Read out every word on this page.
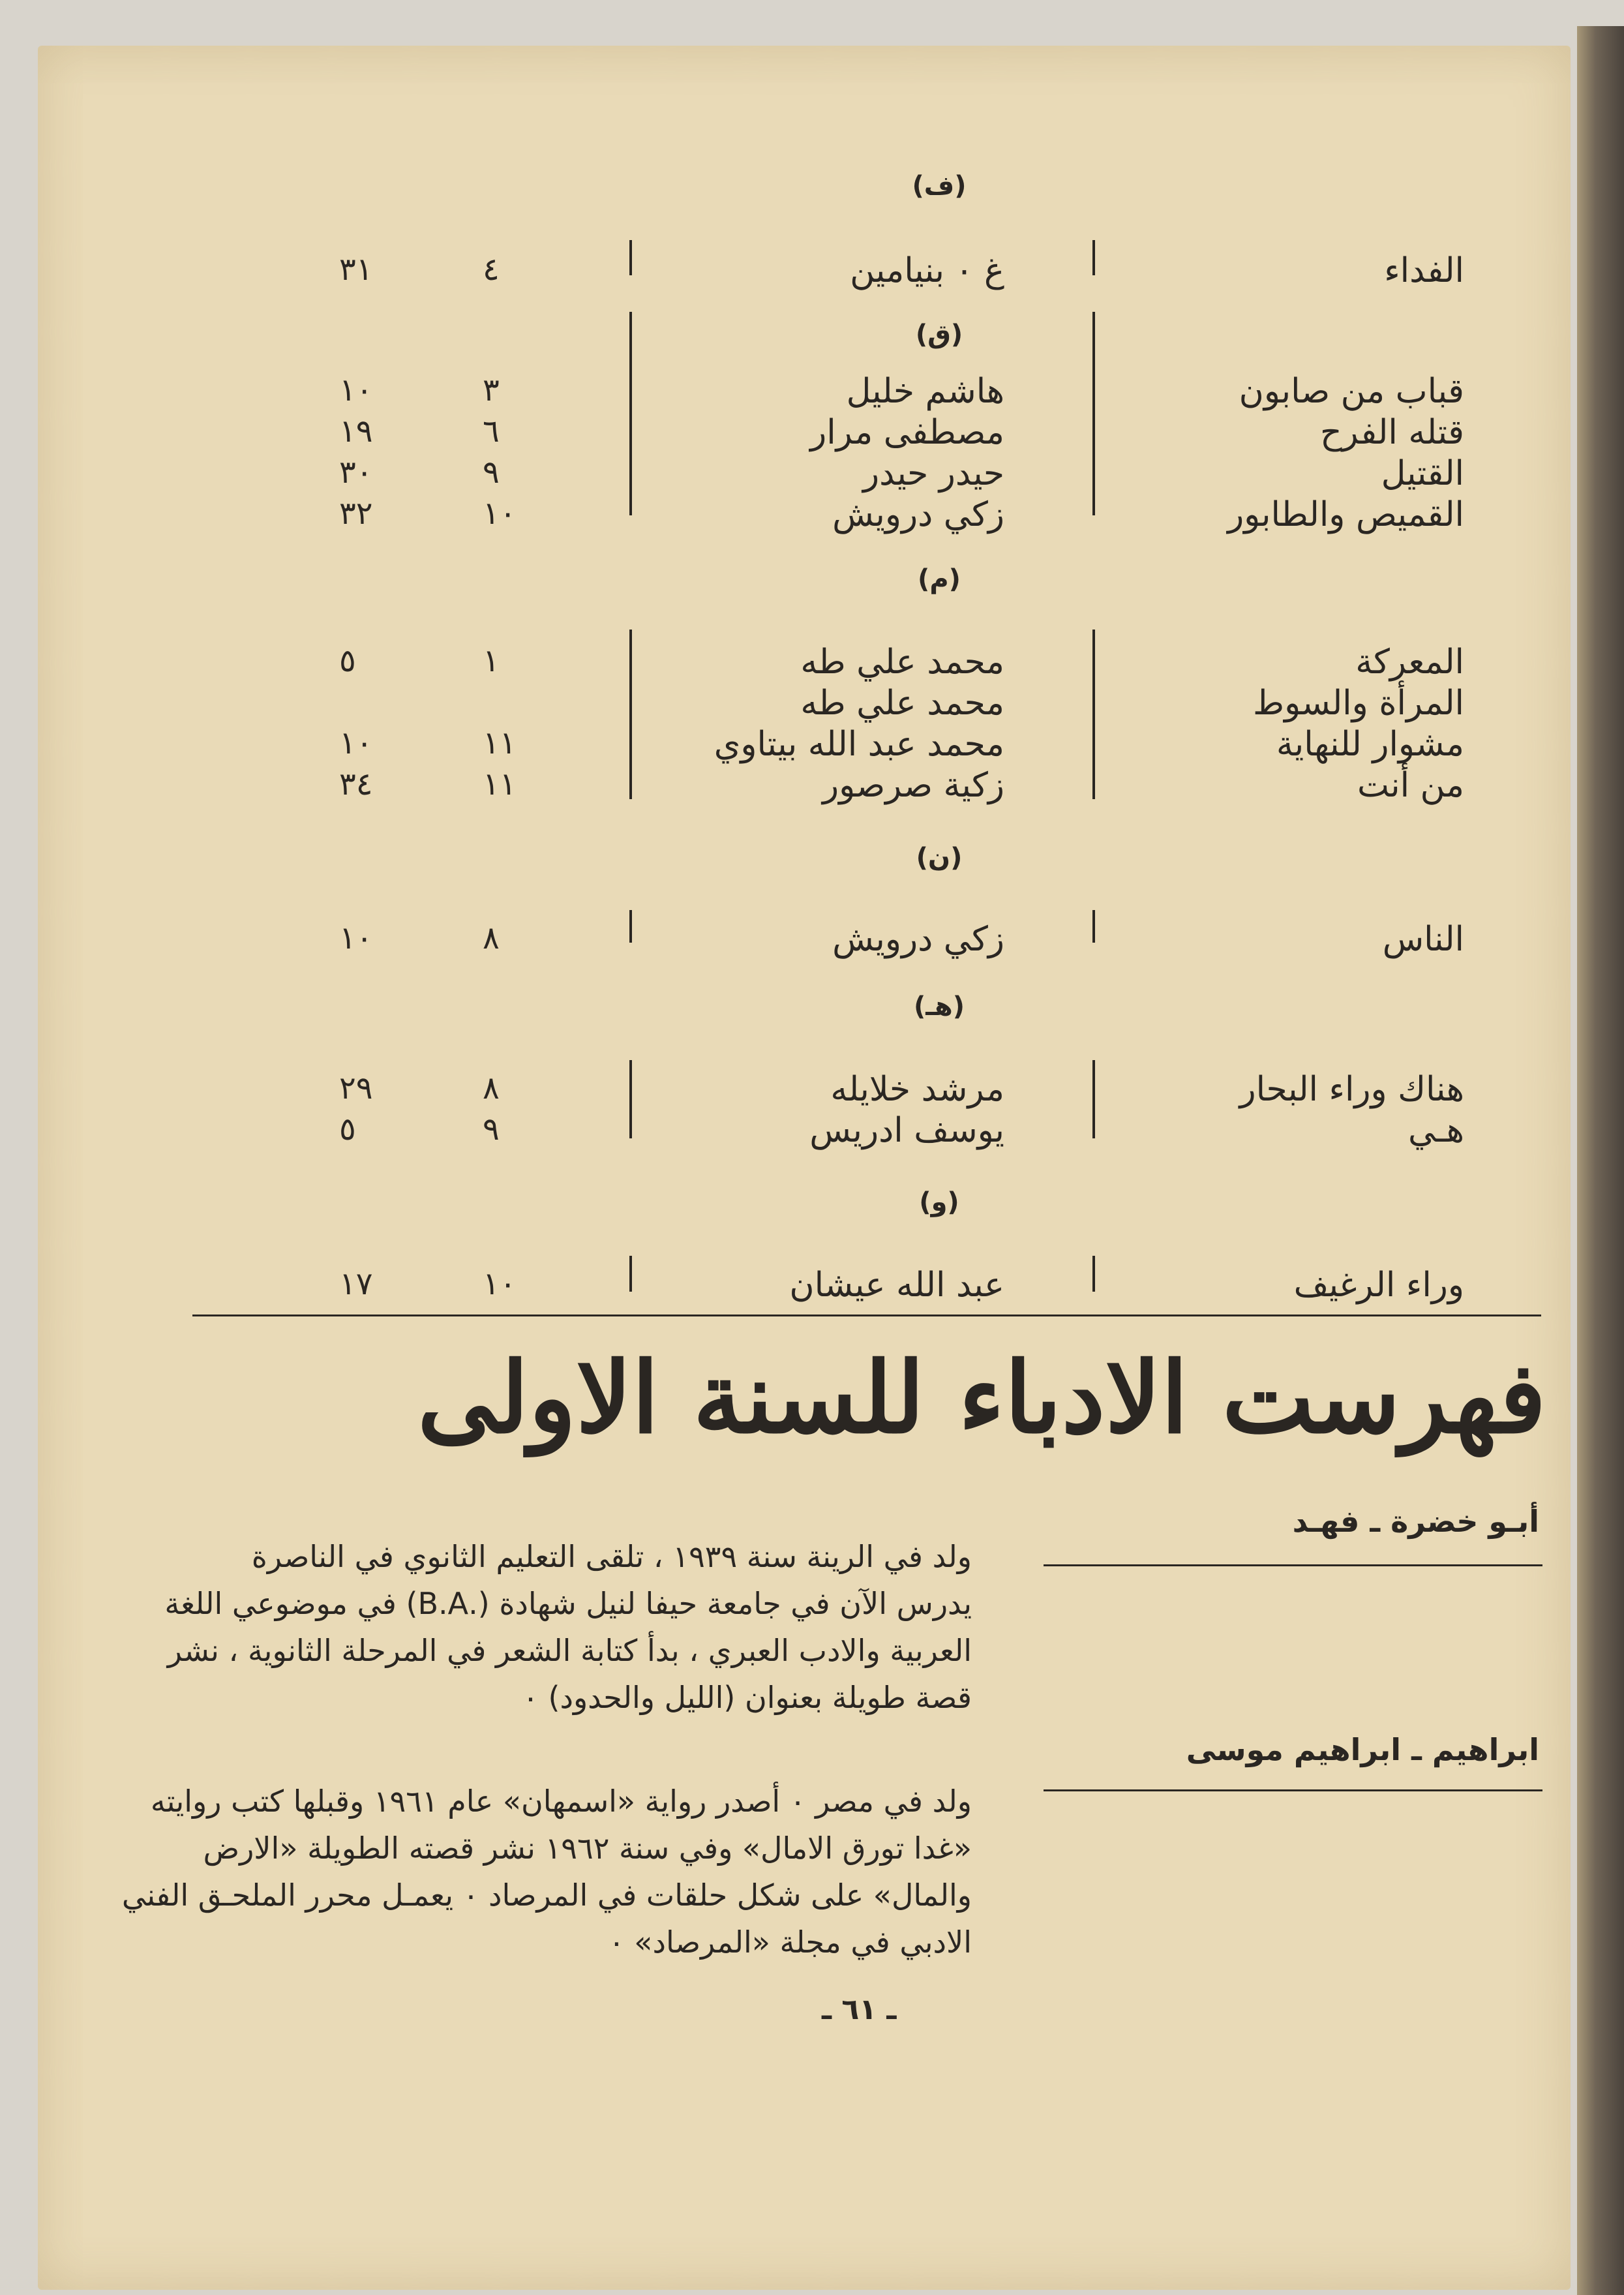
(ف)
الفداء
غ ٠ بنيامين
٤
٣١
(ق)
قباب من صابون
هاشم خليل
٣
١٠
قتله الفرح
مصطفى مرار
٦
١٩
القتيل
حيدر حيدر
٩
٣٠
القميص والطابور
زكي درويش
١٠
٣٢
(م)
المعركة
محمد علي طه
١
٥
المرأة والسوط
محمد علي طه
مشوار للنهاية
محمد عبد الله بيتاوي
١١
١٠
من أنت
زكية صرصور
١١
٣٤
(ن)
الناس
زكي درويش
٨
١٠
(هـ)
هناك وراء البحار
مرشد خلايله
٨
٢٩
هـي
يوسف ادريس
٩
٥
(و)
وراء الرغيف
عبد الله عيشان
١٠
١٧
فهرست الادباء للسنة الاولى
أبـو خضرة ـ فهـد
ولد في الرينة سنة ١٩٣٩ ، تلقى التعليم الثانوي في الناصرة
يدرس الآن في جامعة حيفا لنيل شهادة (.B.A) في موضوعي اللغة
العربية والادب العبري ، بدأ كتابة الشعر في المرحلة الثانوية ، نشر
قصة طويلة بعنوان (الليل والحدود) ٠
ابراهيم ـ ابراهيم موسى
ولد في مصر ٠ أصدر رواية «اسمهان» عام ١٩٦١ وقبلها كتب روايته
«غدا تورق الامال» وفي سنة ١٩٦٢ نشر قصته الطويلة «الارض
والمال» على شكل حلقات في المرصاد ٠ يعمـل محرر الملحـق الفني
الادبي في مجلة «المرصاد» ٠
ـ ٦١ ـ
